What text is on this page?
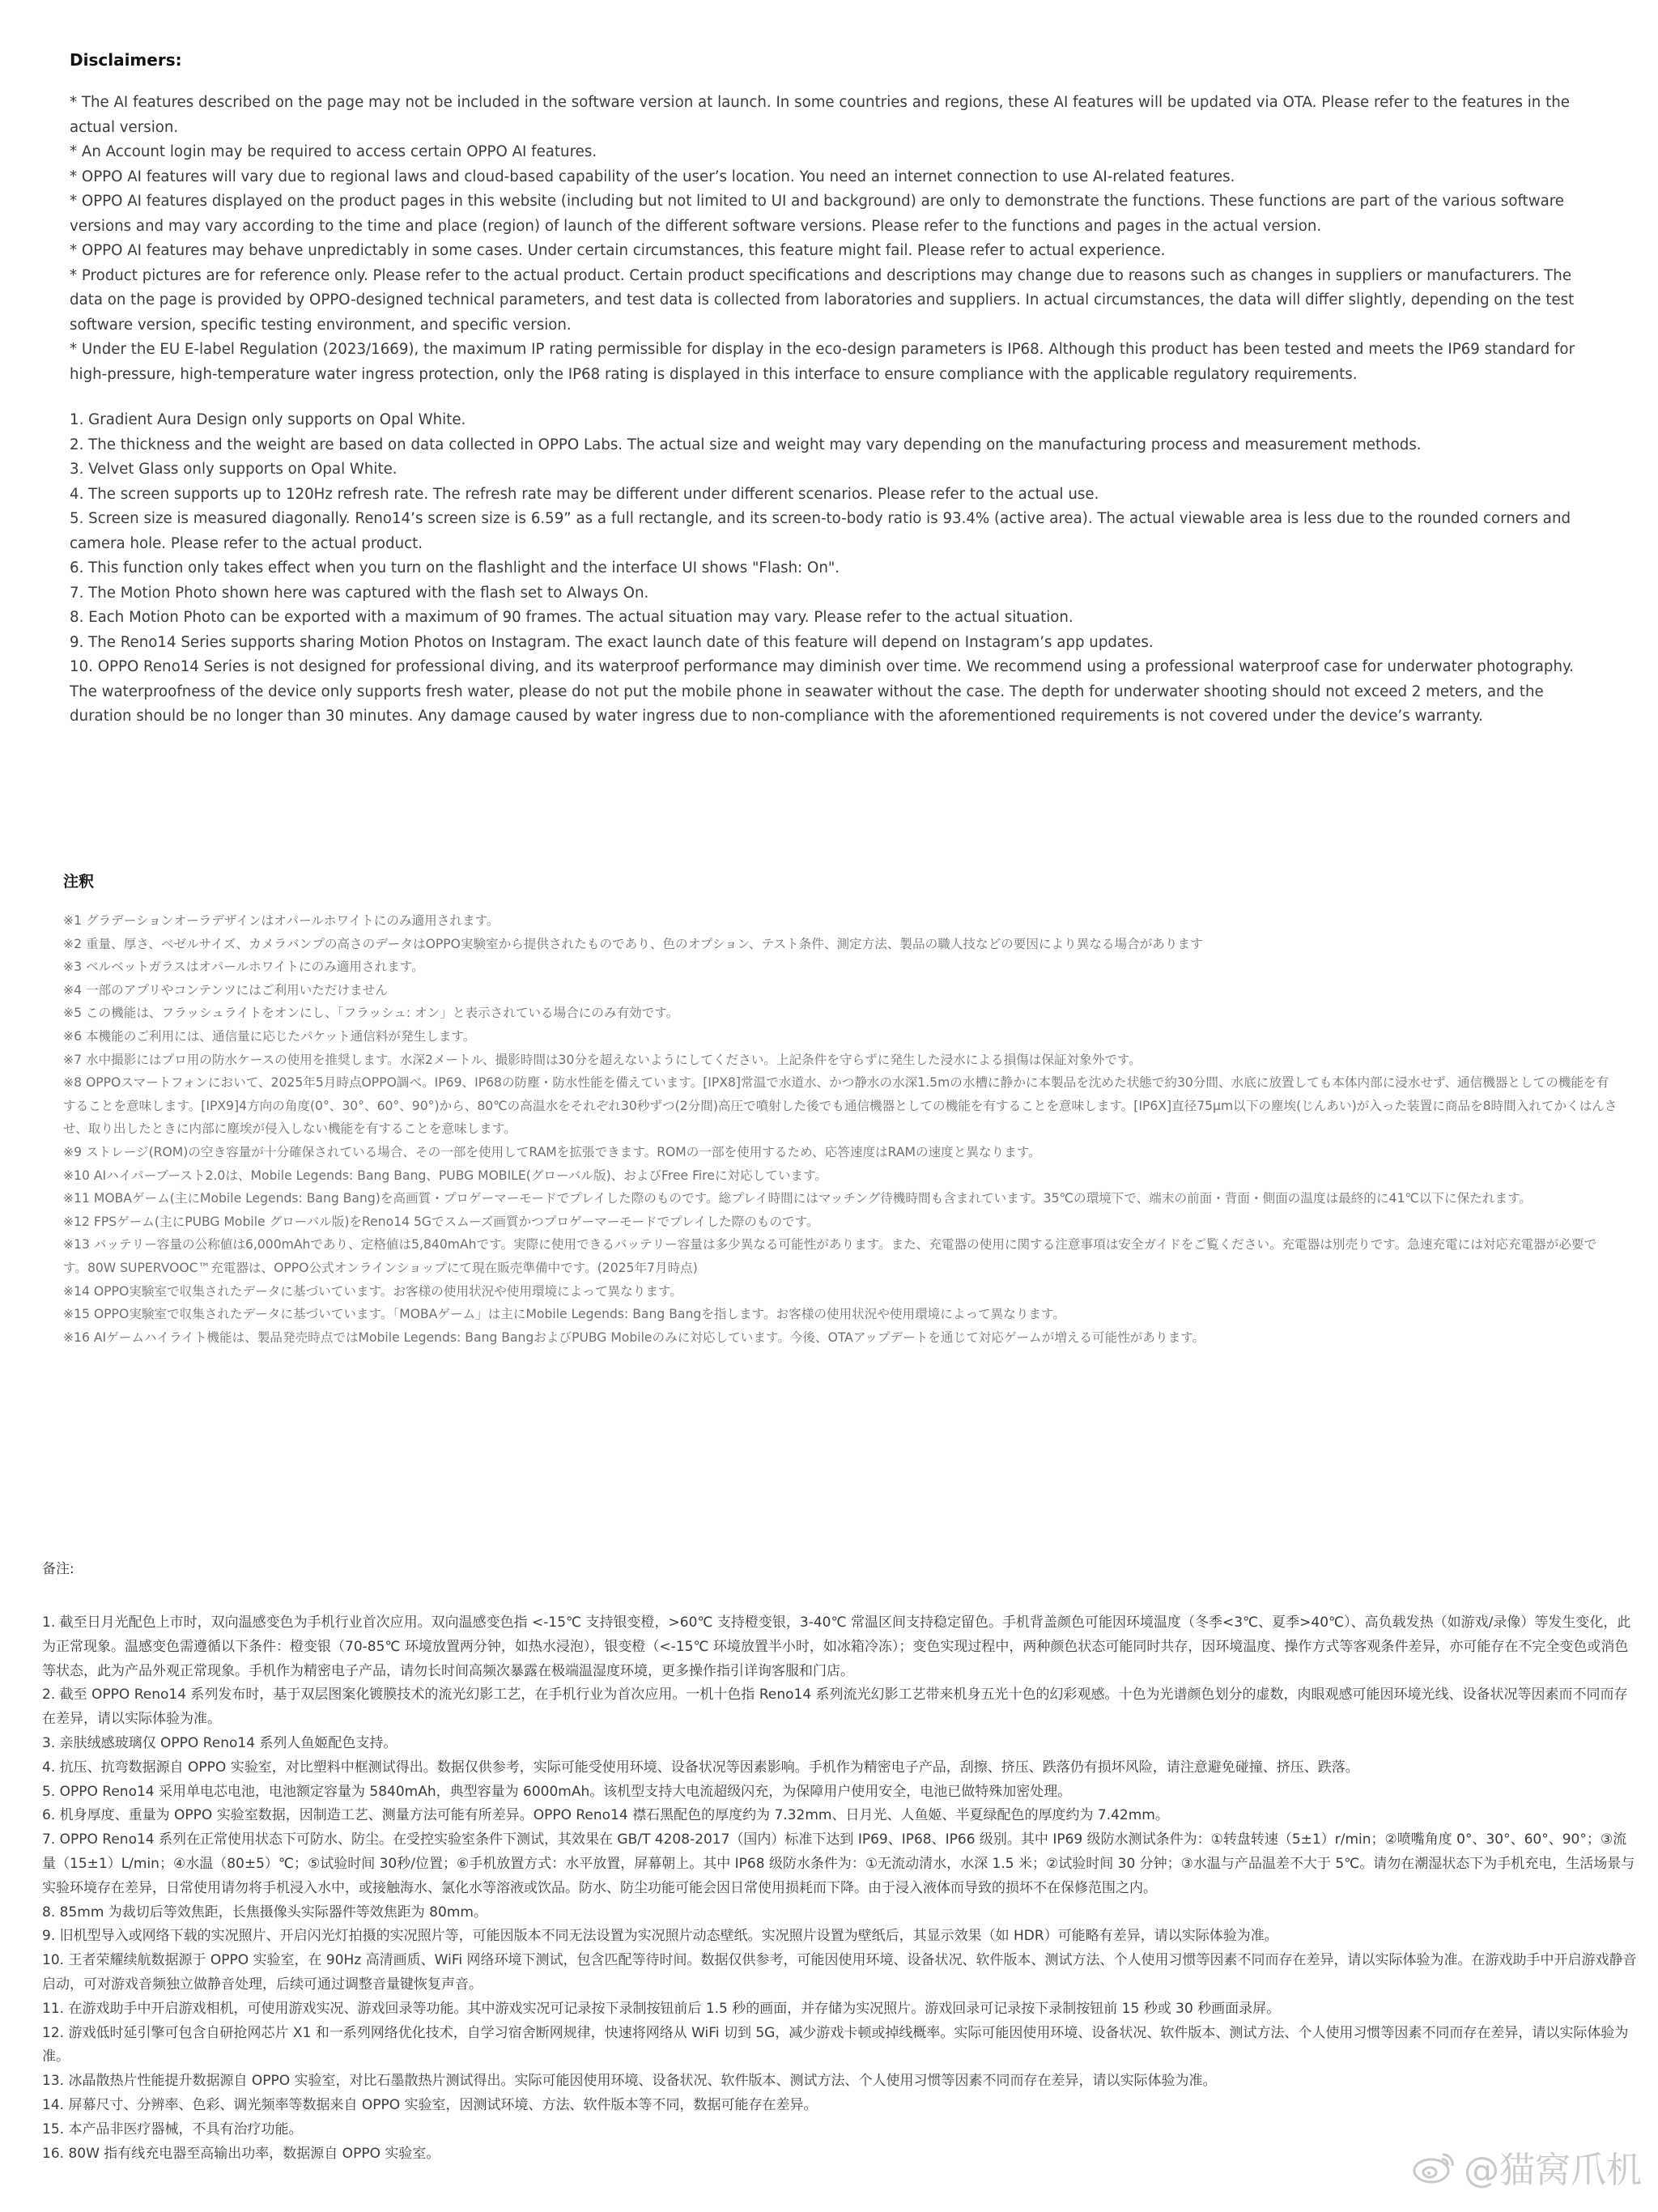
Disclaimers:

* The AI features described on the page may not be included in the software version at launch. In some countries and regions, these AI features will be updated via OTA. Please refer to the features in the actual version.

* An Account login may be required to access certain OPPO AI features.

* OPPO AI features will vary due to regional laws and cloud-based capability of the user’s location. You need an internet connection to use AI-related features.

* OPPO AI features displayed on the product pages in this website (including but not limited to UI and background) are only to demonstrate the functions. These functions are part of the various software versions and may vary according to the time and place (region) of launch of the different software versions. Please refer to the functions and pages in the actual version.

* OPPO AI features may behave unpredictably in some cases. Under certain circumstances, this feature might fail. Please refer to actual experience.

* Product pictures are for reference only. Please refer to the actual product. Certain product specifications and descriptions may change due to reasons such as changes in suppliers or manufacturers. The data on the page is provided by OPPO-designed technical parameters, and test data is collected from laboratories and suppliers. In actual circumstances, the data will differ slightly, depending on the test software version, specific testing environment, and specific version.

* Under the EU E-label Regulation (2023/1669), the maximum IP rating permissible for display in the eco-design parameters is IP68. Although this product has been tested and meets the IP69 standard for high-pressure, high-temperature water ingress protection, only the IP68 rating is displayed in this interface to ensure compliance with the applicable regulatory requirements.

1. Gradient Aura Design only supports on Opal White.

2. The thickness and the weight are based on data collected in OPPO Labs. The actual size and weight may vary depending on the manufacturing process and measurement methods.

3. Velvet Glass only supports on Opal White.

4. The screen supports up to 120Hz refresh rate. The refresh rate may be different under different scenarios. Please refer to the actual use.

5. Screen size is measured diagonally. Reno14’s screen size is 6.59” as a full rectangle, and its screen-to-body ratio is 93.4% (active area). The actual viewable area is less due to the rounded corners and camera hole. Please refer to the actual product.

6. This function only takes effect when you turn on the flashlight and the interface UI shows "Flash: On".

7. The Motion Photo shown here was captured with the flash set to Always On.

8. Each Motion Photo can be exported with a maximum of 90 frames. The actual situation may vary. Please refer to the actual situation.

9. The Reno14 Series supports sharing Motion Photos on Instagram. The exact launch date of this feature will depend on Instagram’s app updates.

10. OPPO Reno14 Series is not designed for professional diving, and its waterproof performance may diminish over time. We recommend using a professional waterproof case for underwater photography. The waterproofness of the device only supports fresh water, please do not put the mobile phone in seawater without the case. The depth for underwater shooting should not exceed 2 meters, and the duration should be no longer than 30 minutes. Any damage caused by water ingress due to non-compliance with the aforementioned requirements is not covered under the device’s warranty.

注釈

※1 グラデーションオーラデザインはオパールホワイトにのみ適用されます。

※2 重量、厚さ、ベゼルサイズ、カメラバンプの高さのデータはOPPO実験室から提供されたものであり、色のオプション、テスト条件、測定方法、製品の職人技などの要因により異なる場合があります

※3 ベルベットガラスはオパールホワイトにのみ適用されます。

※4 一部のアプリやコンテンツにはご利用いただけません

※5 この機能は、フラッシュライトをオンにし、「フラッシュ: オン」と表示されている場合にのみ有効です。

※6 本機能のご利用には、通信量に応じたパケット通信料が発生します。

※7 水中撮影にはプロ用の防水ケースの使用を推奨します。水深2メートル、撮影時間は30分を超えないようにしてください。上記条件を守らずに発生した浸水による損傷は保証対象外です。

※8 OPPOスマートフォンにおいて、2025年5月時点OPPO調べ。IP69、IP68の防塵・防水性能を備えています。[IPX8]常温で水道水、かつ静水の水深1.5mの水槽に静かに本製品を沈めた状態で約30分間、水底に放置しても本体内部に浸水せず、通信機器としての機能を有することを意味します。[IPX9]4方向の角度(0°、30°、60°、90°)から、80℃の高温水をそれぞれ30秒ずつ(2分間)高圧で噴射した後でも通信機器としての機能を有することを意味します。[IP6X]直径75μm以下の塵埃(じんあい)が入った装置に商品を8時間入れてかくはんさせ、取り出したときに内部に塵埃が侵入しない機能を有することを意味します。

※9 ストレージ(ROM)の空き容量が十分確保されている場合、その一部を使用してRAMを拡張できます。ROMの一部を使用するため、応答速度はRAMの速度と異なります。

※10 AIハイパーブースト2.0は、Mobile Legends: Bang Bang、PUBG MOBILE(グローバル版)、およびFree Fireに対応しています。

※11 MOBAゲーム(主にMobile Legends: Bang Bang)を高画質・プロゲーマーモードでプレイした際のものです。総プレイ時間にはマッチング待機時間も含まれています。35℃の環境下で、端末の前面・背面・側面の温度は最終的に41℃以下に保たれます。

※12 FPSゲーム(主にPUBG Mobile グローバル版)をReno14 5Gでスムーズ画質かつプロゲーマーモードでプレイした際のものです。

※13 バッテリー容量の公称値は6,000mAhであり、定格値は5,840mAhです。実際に使用できるバッテリー容量は多少異なる可能性があります。また、充電器の使用に関する注意事項は安全ガイドをご覧ください。充電器は別売りです。急速充電には対応充電器が必要です。80W SUPERVOOC™充電器は、OPPO公式オンラインショップにて現在販売準備中です。(2025年7月時点)

※14 OPPO実験室で収集されたデータに基づいています。お客様の使用状況や使用環境によって異なります。

※15 OPPO実験室で収集されたデータに基づいています。「MOBAゲーム」は主にMobile Legends: Bang Bangを指します。お客様の使用状況や使用環境によって異なります。

※16 AIゲームハイライト機能は、製品発売時点ではMobile Legends: Bang BangおよびPUBG Mobileのみに対応しています。今後、OTAアップデートを通じて対応ゲームが増える可能性があります。

备注:

1. 截至日月光配色上市时，双向温感变色为手机行业首次应用。双向温感变色指 <-15℃ 支持银变橙，>60℃ 支持橙变银，3-40℃ 常温区间支持稳定留色。手机背盖颜色可能因环境温度（冬季<3℃、夏季>40℃）、高负载发热（如游戏/录像）等发生变化，此为正常现象。温感变色需遵循以下条件：橙变银（70-85℃ 环境放置两分钟，如热水浸泡），银变橙（<-15℃ 环境放置半小时，如冰箱冷冻）；变色实现过程中，两种颜色状态可能同时共存，因环境温度、操作方式等客观条件差异，亦可能存在不完全变色或消色等状态，此为产品外观正常现象。手机作为精密电子产品，请勿长时间高频次暴露在极端温湿度环境，更多操作指引详询客服和门店。

2. 截至 OPPO Reno14 系列发布时，基于双层图案化镀膜技术的流光幻影工艺，在手机行业为首次应用。一机十色指 Reno14 系列流光幻影工艺带来机身五光十色的幻彩观感。十色为光谱颜色划分的虚数，肉眼观感可能因环境光线、设备状况等因素而不同而存在差异，请以实际体验为准。

3. 亲肤绒感玻璃仅 OPPO Reno14 系列人鱼姬配色支持。

4. 抗压、抗弯数据源自 OPPO 实验室，对比塑料中框测试得出。数据仅供参考，实际可能受使用环境、设备状况等因素影响。手机作为精密电子产品，刮擦、挤压、跌落仍有损坏风险，请注意避免碰撞、挤压、跌落。

5. OPPO Reno14 采用单电芯电池，电池额定容量为 5840mAh，典型容量为 6000mAh。该机型支持大电流超级闪充，为保障用户使用安全，电池已做特殊加密处理。

6. 机身厚度、重量为 OPPO 实验室数据，因制造工艺、测量方法可能有所差异。OPPO Reno14 襟石黑配色的厚度约为 7.32mm、日月光、人鱼姬、半夏绿配色的厚度约为 7.42mm。

7. OPPO Reno14 系列在正常使用状态下可防水、防尘。在受控实验室条件下测试，其效果在 GB/T 4208-2017（国内）标准下达到 IP69、IP68、IP66 级别。其中 IP69 级防水测试条件为：①转盘转速（5±1）r/min；②喷嘴角度 0°、30°、60°、90°；③流量（15±1）L/min；④水温（80±5）℃；⑤试验时间 30秒/位置；⑥手机放置方式：水平放置，屏幕朝上。其中 IP68 级防水条件为：①无流动清水，水深 1.5 米；②试验时间 30 分钟；③水温与产品温差不大于 5℃。请勿在潮湿状态下为手机充电，生活场景与实验环境存在差异，日常使用请勿将手机浸入水中，或接触海水、氯化水等溶液或饮品。防水、防尘功能可能会因日常使用损耗而下降。由于浸入液体而导致的损坏不在保修范围之内。

8. 85mm 为裁切后等效焦距，长焦摄像头实际器件等效焦距为 80mm。

9. 旧机型导入或网络下载的实况照片、开启闪光灯拍摄的实况照片等，可能因版本不同无法设置为实况照片动态壁纸。实况照片设置为壁纸后，其显示效果（如 HDR）可能略有差异，请以实际体验为准。

10. 王者荣耀续航数据源于 OPPO 实验室，在 90Hz 高清画质、WiFi 网络环境下测试，包含匹配等待时间。数据仅供参考，可能因使用环境、设备状况、软件版本、测试方法、个人使用习惯等因素不同而存在差异，请以实际体验为准。在游戏助手中开启游戏静音启动，可对游戏音频独立做静音处理，后续可通过调整音量键恢复声音。

11. 在游戏助手中开启游戏相机，可使用游戏实况、游戏回录等功能。其中游戏实况可记录按下录制按钮前后 1.5 秒的画面，并存储为实况照片。游戏回录可记录按下录制按钮前 15 秒或 30 秒画面录屏。

12. 游戏低时延引擎可包含自研抢网芯片 X1 和一系列网络优化技术，自学习宿舍断网规律，快速将网络从 WiFi 切到 5G，减少游戏卡顿或掉线概率。实际可能因使用环境、设备状况、软件版本、测试方法、个人使用习惯等因素不同而存在差异，请以实际体验为准。

13. 冰晶散热片性能提升数据源自 OPPO 实验室，对比石墨散热片测试得出。实际可能因使用环境、设备状况、软件版本、测试方法、个人使用习惯等因素不同而存在差异，请以实际体验为准。

14. 屏幕尺寸、分辨率、色彩、调光频率等数据来自 OPPO 实验室，因测试环境、方法、软件版本等不同，数据可能存在差异。

15. 本产品非医疗器械，不具有治疗功能。

16. 80W 指有线充电器至高输出功率，数据源自 OPPO 实验室。	@猫窝爪机
